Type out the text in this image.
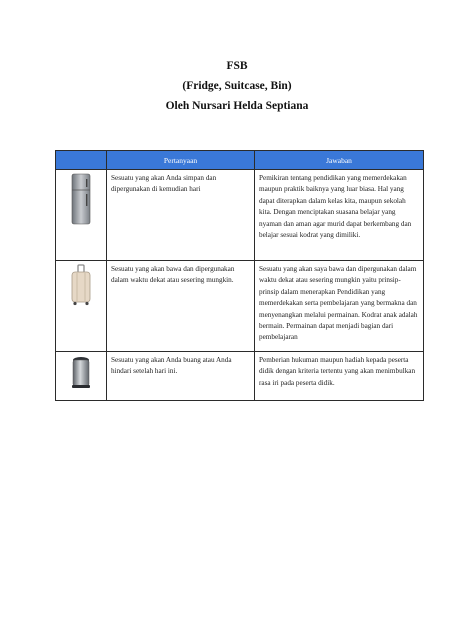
FSB

(Fridge, Suitcase, Bin)

Oleh Nursari Helda Septiana

	Pertanyaan	Jawaban
	Sesuatu yang akan Anda simpan dan dipergunakan di kemudian hari	Pemikiran tentang pendidikan yang memerdekakan maupun praktik baiknya yang luar biasa. Hal yang dapat diterapkan dalam kelas kita, maupun sekolah kita. Dengan menciptakan suasana belajar yang nyaman dan aman agar murid dapat berkembang dan belajar sesuai kodrat yang dimiliki.
	Sesuatu yang akan bawa dan dipergunakan dalam waktu dekat atau sesering mungkin.	Sesuatu yang akan saya bawa dan dipergunakan dalam waktu dekat atau sesering mungkin yaitu prinsip-prinsip dalam menerapkan Pendidikan yang memerdekakan serta pembelajaran yang bermakna dan menyenangkan melalui permainan. Kodrat anak adalah bermain. Permainan dapat menjadi bagian dari pembelajaran
	Sesuatu yang akan Anda buang atau Anda hindari setelah hari ini.	Pemberian hukuman maupun hadiah kepada peserta didik dengan kriteria tertentu yang akan menimbulkan rasa iri pada peserta didik.
